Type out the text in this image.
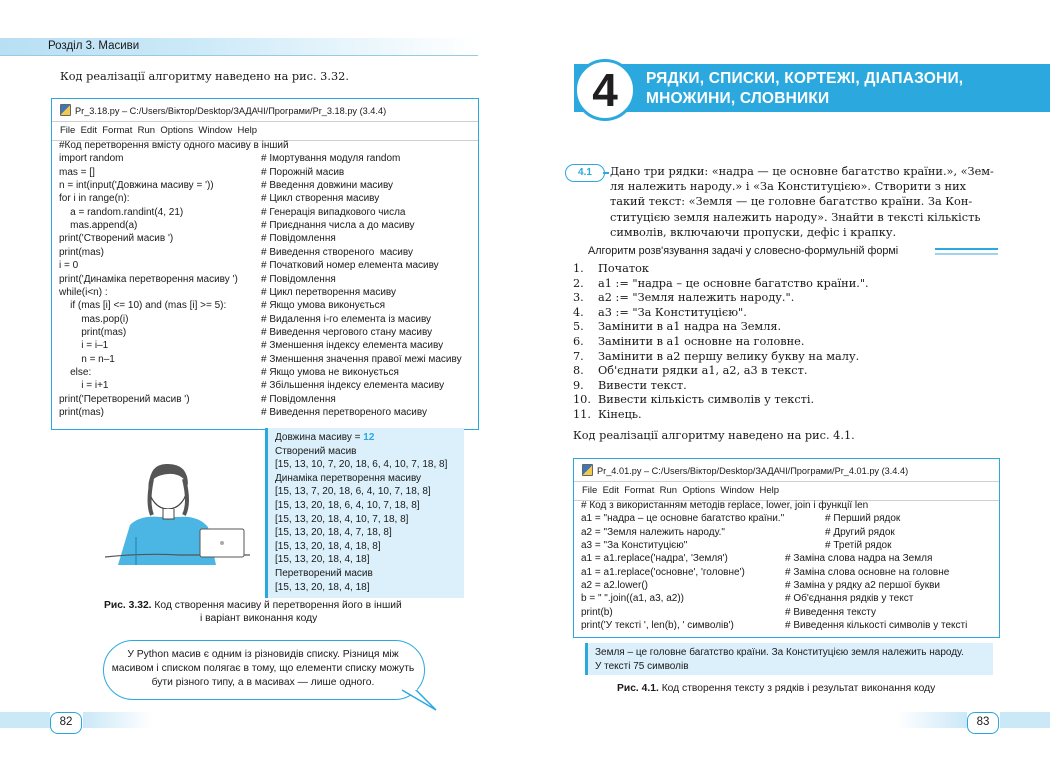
Розділ 3. Масиви
Код реалізації алгоритму наведено на рис. 3.32.
Pr_3.18.py – C:/Users/Віктор/Desktop/ЗАДАЧІ/Програми/Pr_3.18.py (3.4.4)
File Edit Format Run Options Window Help
#Код перетворення вмісту одного масиву в інший
import random	# Імортування модуля random
mas = []	# Порожній масив
n = int(input('Довжина масиву = '))	# Введення довжини масиву
for i in range(n):	# Цикл створення масиву
a = random.randint(4, 21)	# Генерація випадкового числа
mas.append(a)	# Приєднання числа а до масиву
print('Створений масив ')	# Повідомлення
print(mas)	# Виведення створеного  масиву
i = 0	# Початковий номер елемента масиву
print('Динаміка перетворення масиву ') # Повідомлення
while(i<n) :	# Цикл перетворення масиву
if (mas [i] <= 10) and (mas [i] >= 5):	# Якщо умова виконується
mas.pop(i)	# Видалення і-го елемента із масиву
print(mas)	# Виведення чергового стану масиву
i = i–1	# Зменшення індексу елемента масиву
n = n–1	# Зменшення значення правої межі масиву
else:	# Якщо умова не виконується
i = i+1	# Збільшення індексу елемента масиву
print('Перетворений масив ')	# Повідомлення
print(mas)	# Виведення перетвореного масиву
Довжина масиву = 12
Створений масив
[15, 13, 10, 7, 20, 18, 6, 4, 10, 7, 18, 8]
Динаміка перетворення масиву
[15, 13, 7, 20, 18, 6, 4, 10, 7, 18, 8]
[15, 13, 20, 18, 6, 4, 10, 7, 18, 8]
[15, 13, 20, 18, 4, 10, 7, 18, 8]
[15, 13, 20, 18, 4, 7, 18, 8]
[15, 13, 20, 18, 4, 18, 8]
[15, 13, 20, 18, 4, 18]
Перетворений масив
[15, 13, 20, 18, 4, 18]
Рис. 3.32. Код створення масиву й перетворення його в інший
і варіант виконання коду
У Python масив є одним із різновидів списку. Різниця між
масивом і списком полягає в тому, що елементи списку можуть
бути різного типу, а в масивах — лише одного.
82
4	РЯДКИ, СПИСКИ, КОРТЕЖІ, ДІАПАЗОНИ,
МНОЖИНИ, СЛОВНИКИ
4.1	Дано три рядки: «надра — це основне багатство країни.», «Зем-
ля належить народу.» і «За Конституцією». Створити з них
такий текст: «Земля — це головне багатство країни. За Кон-
ституцією земля належить народу». Знайти в тексті кількість
символів, включаючи пропуски, дефіс і крапку.
Алгоритм розв'язування задачі у словесно-формульній формі
1. Початок
2. a1 := "надра – це основне багатство країни.".
3. a2 := "Земля належить народу.".
4. a3 := "За Конституцією".
5. Замінити в a1 надра на Земля.
6. Замінити в a1 основне на головне.
7. Замінити в a2 першу велику букву на малу.
8. Об'єднати рядки a1, a2, a3 в текст.
9. Вивести текст.
10. Вивести кількість символів у тексті.
11. Кінець.
Код реалізації алгоритму наведено на рис. 4.1.
Pr_4.01.py – C:/Users/Віктор/Desktop/ЗАДАЧІ/Програми/Pr_4.01.py (3.4.4)
File Edit Format Run Options Window Help
# Код з використанням методів replace, lower, join і функції len
a1 = "надра – це основне багатство країни."	# Перший рядок
a2 = "Земля належить народу."	# Другий рядок
a3 = "За Конституцією"	# Третій рядок
a1 = a1.replace('надра', 'Земля')	# Заміна слова надра на Земля
a1 = a1.replace('основне', 'головне')	# Заміна слова основне на головне
a2 = a2.lower()	# Заміна у рядку a2 першої букви
b = " ".join((a1, a3, a2))	# Об'єднання рядків у текст
print(b)	# Виведення тексту
print('У тексті ', len(b), ' символів')	# Виведення кількості символів у тексті
Земля – це головне багатство країни. За Конституцією земля належить народу.
У тексті 75 символів
Рис. 4.1. Код створення тексту з рядків і результат виконання коду
83
